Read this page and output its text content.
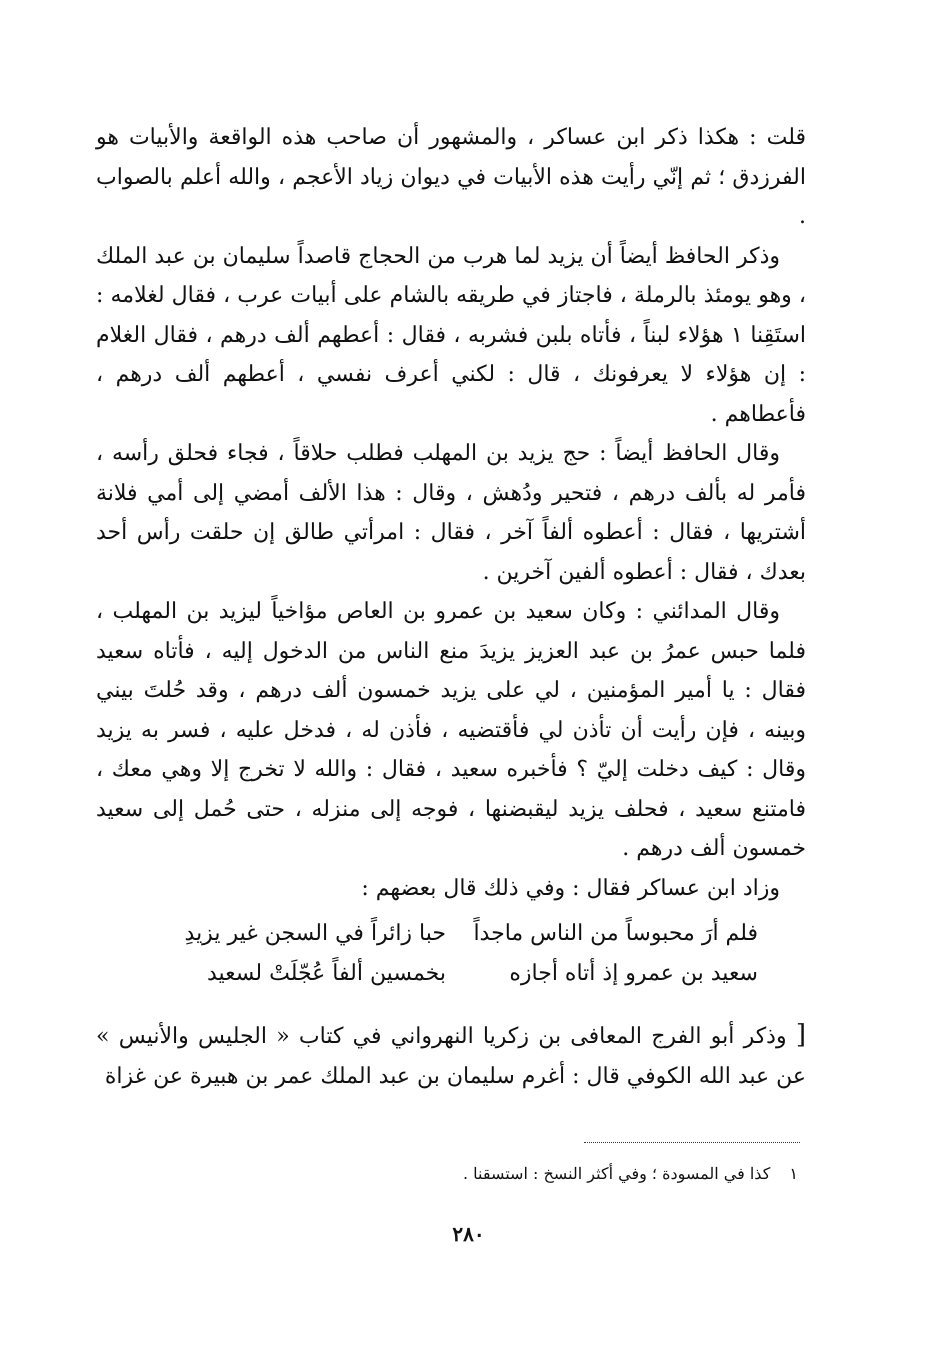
قلت : هكذا ذكر ابن عساكر ، والمشهور أن صاحب هذه الواقعة والأبيات هو الفرزدق ؛ ثم إنّي رأيت هذه الأبيات في ديوان زياد الأعجم ، والله أعلم بالصواب .

وذكر الحافظ أيضاً أن يزيد لما هرب من الحجاج قاصداً سليمان بن عبد الملك ، وهو يومئذ بالرملة ، فاجتاز في طريقه بالشام على أبيات عرب ، فقال لغلامه : استَقِنا ١ هؤلاء لبناً ، فأتاه بلبن فشربه ، فقال : أعطهم ألف درهم ، فقال الغلام : إن هؤلاء لا يعرفونك ، قال : لكني أعرف نفسي ، أعطهم ألف درهم ، فأعطاهم .

وقال الحافظ أيضاً : حج يزيد بن المهلب فطلب حلاقاً ، فجاء فحلق رأسه ، فأمر له بألف درهم ، فتحير ودُهش ، وقال : هذا الألف أمضي إلى أمي فلانة أشتريها ، فقال : أعطوه ألفاً آخر ، فقال : امرأتي طالق إن حلقت رأس أحد بعدك ، فقال : أعطوه ألفين آخرين .

وقال المدائني : وكان سعيد بن عمرو بن العاص مؤاخياً ليزيد بن المهلب ، فلما حبس عمرُ بن عبد العزيز يزيدَ منع الناس من الدخول إليه ، فأتاه سعيد فقال : يا أمير المؤمنين ، لي على يزيد خمسون ألف درهم ، وقد حُلتَ بيني وبينه ، فإن رأيت أن تأذن لي فأقتضيه ، فأذن له ، فدخل عليه ، فسر به يزيد وقال : كيف دخلت إليّ ؟ فأخبره سعيد ، فقال : والله لا تخرج إلا وهي معك ، فامتنع سعيد ، فحلف يزيد ليقبضنها ، فوجه إلى منزله ، حتى حُمل إلى سعيد خمسون ألف درهم .

وزاد ابن عساكر فقال : وفي ذلك قال بعضهم :

فلم أرَ محبوساً من الناس ماجداً
حبا زائراً في السجن غير يزيدِ
سعيد بن عمرو إذ أتاه أجازه
بخمسين ألفاً عُجّلَتْ لسعيد

[ وذكر أبو الفرج المعافى بن زكريا النهرواني في كتاب « الجليس والأنيس » عن عبد الله الكوفي قال : أغرم سليمان بن عبد الملك عمر بن هبيرة عن غزاة

١ كذا في المسودة ؛ وفي أكثر النسخ : استسقنا .
٢٨٠
